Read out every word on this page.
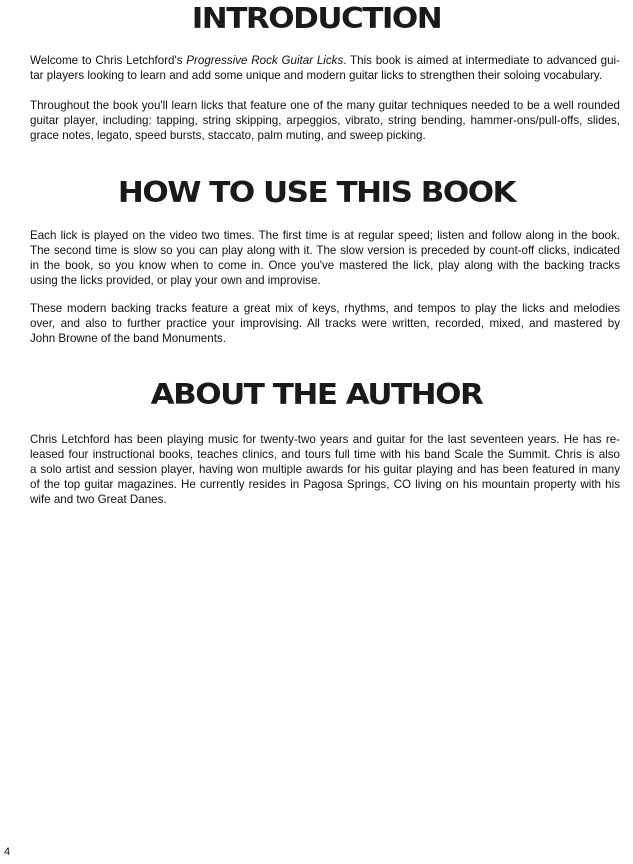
INTRODUCTION

Welcome to Chris Letchford's Progressive Rock Guitar Licks. This book is aimed at intermediate to advanced gui-
tar players looking to learn and add some unique and modern guitar licks to strengthen their soloing vocabulary.

Throughout the book you'll learn licks that feature one of the many guitar techniques needed to be a well rounded
guitar player, including: tapping, string skipping, arpeggios, vibrato, string bending, hammer-ons/pull-offs, slides,
grace notes, legato, speed bursts, staccato, palm muting, and sweep picking.

HOW TO USE THIS BOOK

Each lick is played on the video two times. The first time is at regular speed; listen and follow along in the book.
The second time is slow so you can play along with it. The slow version is preceded by count-off clicks, indicated
in the book, so you know when to come in. Once you've mastered the lick, play along with the backing tracks
using the licks provided, or play your own and improvise.

These modern backing tracks feature a great mix of keys, rhythms, and tempos to play the licks and melodies
over, and also to further practice your improvising. All tracks were written, recorded, mixed, and mastered by
John Browne of the band Monuments.

ABOUT THE AUTHOR

Chris Letchford has been playing music for twenty-two years and guitar for the last seventeen years. He has re-
leased four instructional books, teaches clinics, and tours full time with his band Scale the Summit. Chris is also
a solo artist and session player, having won multiple awards for his guitar playing and has been featured in many
of the top guitar magazines. He currently resides in Pagosa Springs, CO living on his mountain property with his
wife and two Great Danes.

4
